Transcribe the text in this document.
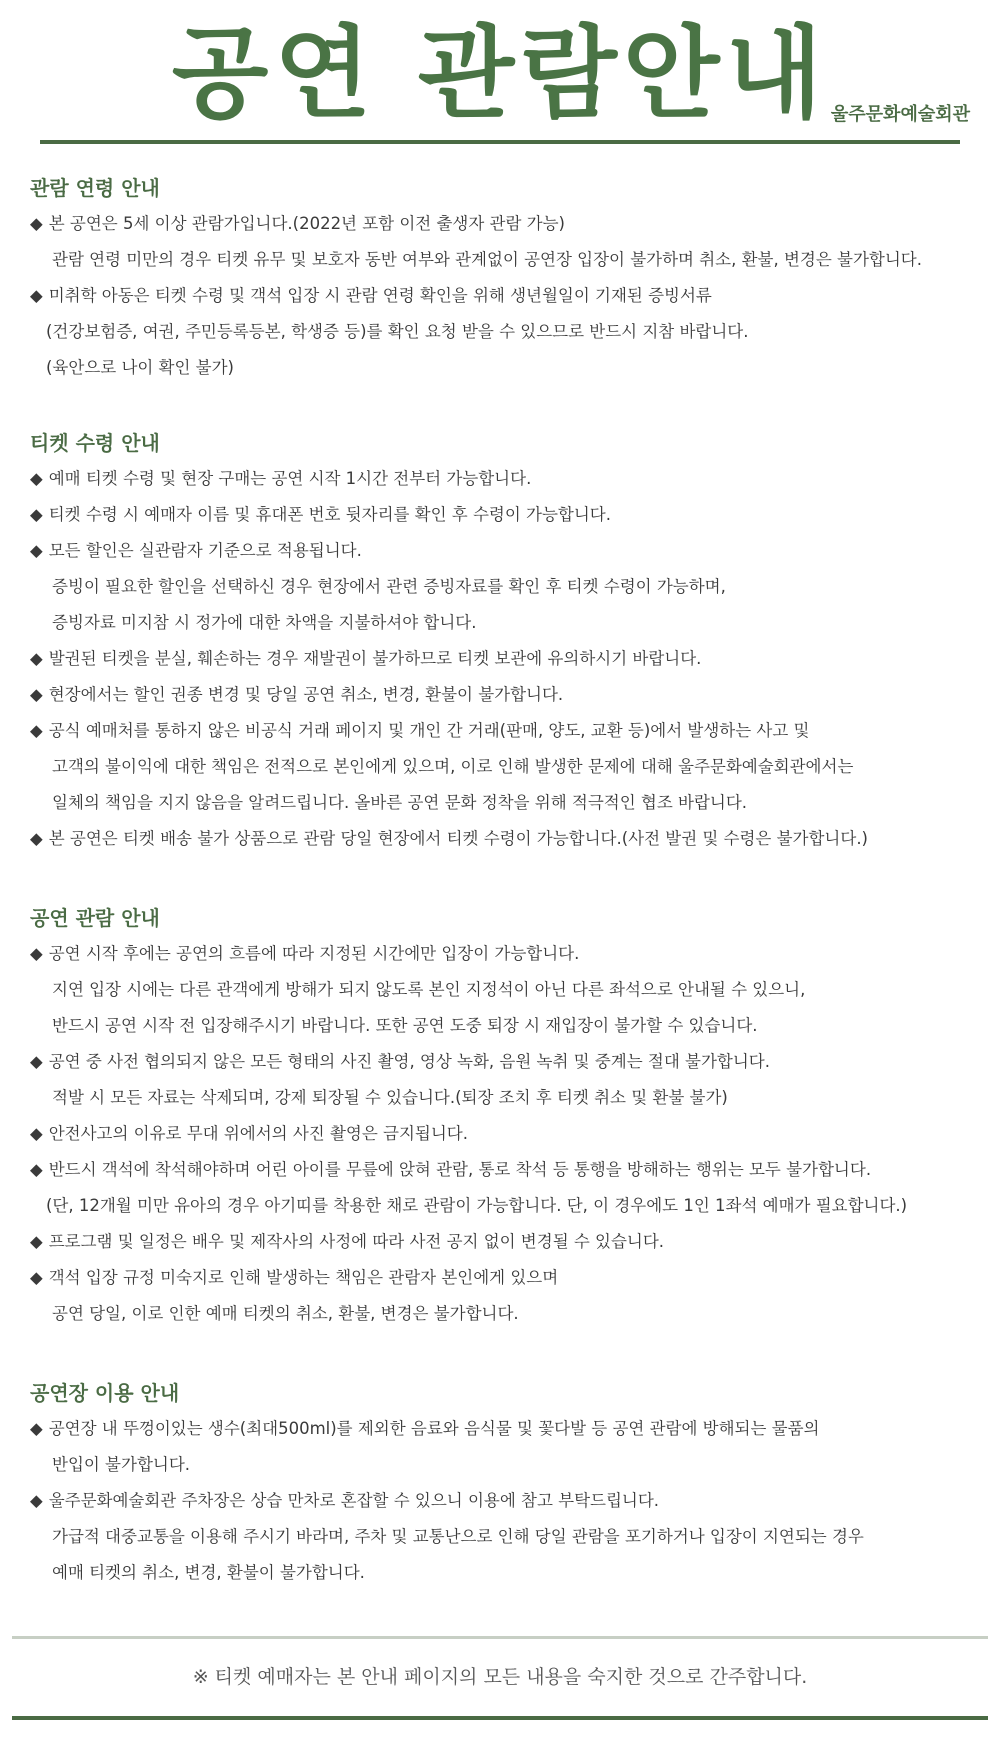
공연 관람안내 울주문화예술회관
관람 연령 안내
◆ 본 공연은 5세 이상 관람가입니다.(2022년 포함 이전 출생자 관람 가능)
관람 연령 미만의 경우 티켓 유무 및 보호자 동반 여부와 관계없이 공연장 입장이 불가하며 취소, 환불, 변경은 불가합니다.
◆ 미취학 아동은 티켓 수령 및 객석 입장 시 관람 연령 확인을 위해 생년월일이 기재된 증빙서류
(건강보험증, 여권, 주민등록등본, 학생증 등)를 확인 요청 받을 수 있으므로 반드시 지참 바랍니다.
(육안으로 나이 확인 불가)
티켓 수령 안내
◆ 예매 티켓 수령 및 현장 구매는 공연 시작 1시간 전부터 가능합니다.
◆ 티켓 수령 시 예매자 이름 및 휴대폰 번호 뒷자리를 확인 후 수령이 가능합니다.
◆ 모든 할인은 실관람자 기준으로 적용됩니다.
증빙이 필요한 할인을 선택하신 경우 현장에서 관련 증빙자료를 확인 후 티켓 수령이 가능하며,
증빙자료 미지참 시 정가에 대한 차액을 지불하셔야 합니다.
◆ 발권된 티켓을 분실, 훼손하는 경우 재발권이 불가하므로 티켓 보관에 유의하시기 바랍니다.
◆ 현장에서는 할인 권종 변경 및 당일 공연 취소, 변경, 환불이 불가합니다.
◆ 공식 예매처를 통하지 않은 비공식 거래 페이지 및 개인 간 거래(판매, 양도, 교환 등)에서 발생하는 사고 및
고객의 불이익에 대한 책임은 전적으로 본인에게 있으며, 이로 인해 발생한 문제에 대해 울주문화예술회관에서는
일체의 책임을 지지 않음을 알려드립니다. 올바른 공연 문화 정착을 위해 적극적인 협조 바랍니다.
◆ 본 공연은 티켓 배송 불가 상품으로 관람 당일 현장에서 티켓 수령이 가능합니다.(사전 발권 및 수령은 불가합니다.)
공연 관람 안내
◆ 공연 시작 후에는 공연의 흐름에 따라 지정된 시간에만 입장이 가능합니다.
지연 입장 시에는 다른 관객에게 방해가 되지 않도록 본인 지정석이 아닌 다른 좌석으로 안내될 수 있으니,
반드시 공연 시작 전 입장해주시기 바랍니다. 또한 공연 도중 퇴장 시 재입장이 불가할 수 있습니다.
◆ 공연 중 사전 협의되지 않은 모든 형태의 사진 촬영, 영상 녹화, 음원 녹취 및 중계는 절대 불가합니다.
적발 시 모든 자료는 삭제되며, 강제 퇴장될 수 있습니다.(퇴장 조치 후 티켓 취소 및 환불 불가)
◆ 안전사고의 이유로 무대 위에서의 사진 촬영은 금지됩니다.
◆ 반드시 객석에 착석해야하며 어린 아이를 무릎에 앉혀 관람, 통로 착석 등 통행을 방해하는 행위는 모두 불가합니다.
(단, 12개월 미만 유아의 경우 아기띠를 착용한 채로 관람이 가능합니다. 단, 이 경우에도 1인 1좌석 예매가 필요합니다.)
◆ 프로그램 및 일정은 배우 및 제작사의 사정에 따라 사전 공지 없이 변경될 수 있습니다.
◆ 객석 입장 규정 미숙지로 인해 발생하는 책임은 관람자 본인에게 있으며
공연 당일, 이로 인한 예매 티켓의 취소, 환불, 변경은 불가합니다.
공연장 이용 안내
◆ 공연장 내 뚜껑이있는 생수(최대500ml)를 제외한 음료와 음식물 및 꽃다발 등 공연 관람에 방해되는 물품의
반입이 불가합니다.
◆ 울주문화예술회관 주차장은 상습 만차로 혼잡할 수 있으니 이용에 참고 부탁드립니다.
가급적 대중교통을 이용해 주시기 바라며, 주차 및 교통난으로 인해 당일 관람을 포기하거나 입장이 지연되는 경우
예매 티켓의 취소, 변경, 환불이 불가합니다.
※ 티켓 예매자는 본 안내 페이지의 모든 내용을 숙지한 것으로 간주합니다.
